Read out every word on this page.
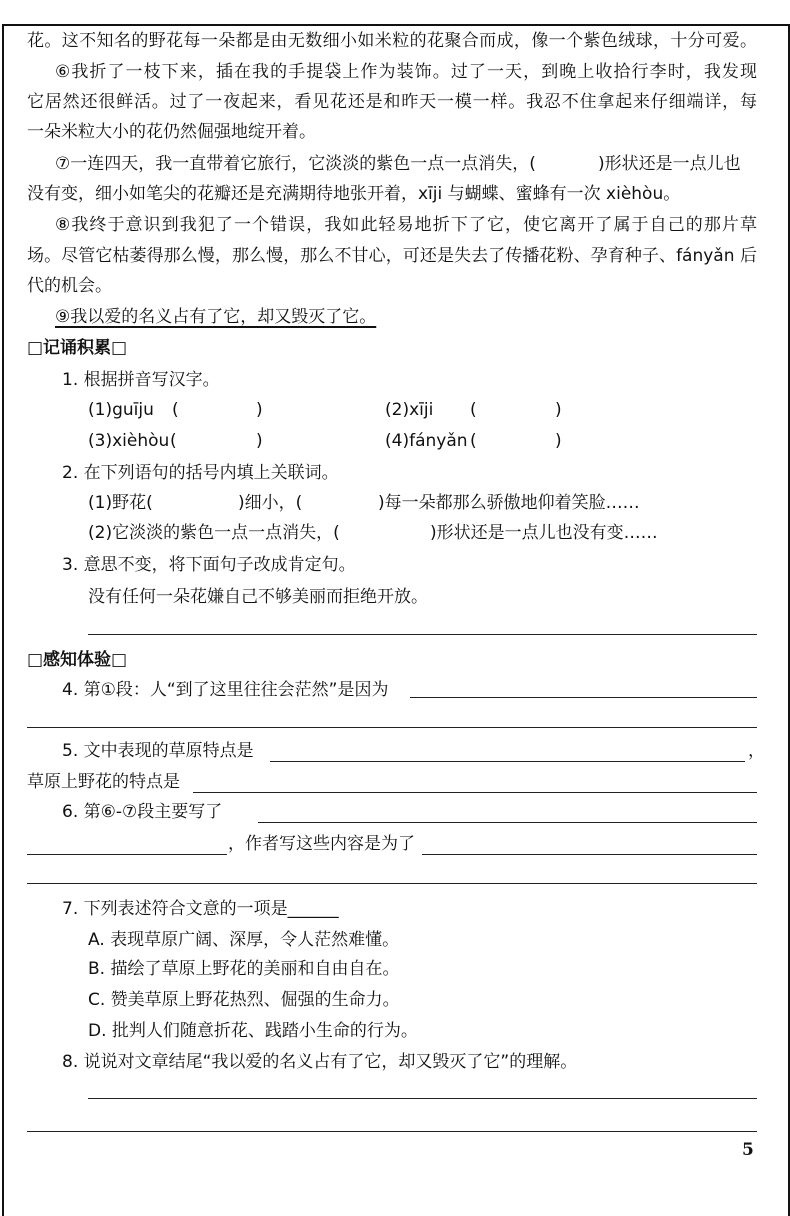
花。这不知名的野花每一朵都是由无数细小如米粒的花聚合而成，像一个紫色绒球，十分可爱。
⑥我折了一枝下来，插在我的手提袋上作为装饰。过了一天，到晚上收拾行李时，我发现
它居然还很鲜活。过了一夜起来，看见花还是和昨天一模一样。我忍不住拿起来仔细端详，每
一朵米粒大小的花仍然倔强地绽开着。
⑦一连四天，我一直带着它旅行，它淡淡的紫色一点一点消失，(	)形状还是一点儿也
没有变，细小如笔尖的花瓣还是充满期待地张开着，xīji 与蝴蝶、蜜蜂有一次 xièhòu。
⑧我终于意识到我犯了一个错误，我如此轻易地折下了它，使它离开了属于自己的那片草
场。尽管它枯萎得那么慢，那么慢，那么不甘心，可还是失去了传播花粉、孕育种子、fányǎn 后
代的机会。
⑨我以爱的名义占有了它，却又毁灭了它。
□记诵积累□
1. 根据拼音写汉字。
(1)guīju (	)	(2)xīji (	)
(3)xièhòu (	)	(4)fányǎn (	)
2. 在下列语句的括号内填上关联词。
(1)野花(	)细小，(	)每一朵都那么骄傲地仰着笑脸……
(2)它淡淡的紫色一点一点消失，(	)形状还是一点儿也没有变……
3. 意思不变，将下面句子改成肯定句。
没有任何一朵花嫌自己不够美丽而拒绝开放。
□感知体验□
4. 第①段：人“到了这里往往会茫然”是因为
5. 文中表现的草原特点是	，
草原上野花的特点是
6. 第⑥-⑦段主要写了
，作者写这些内容是为了
7. 下列表述符合文意的一项是______
A. 表现草原广阔、深厚，令人茫然难懂。
B. 描绘了草原上野花的美丽和自由自在。
C. 赞美草原上野花热烈、倔强的生命力。
D. 批判人们随意折花、践踏小生命的行为。
8. 说说对文章结尾“我以爱的名义占有了它，却又毁灭了它”的理解。
5
